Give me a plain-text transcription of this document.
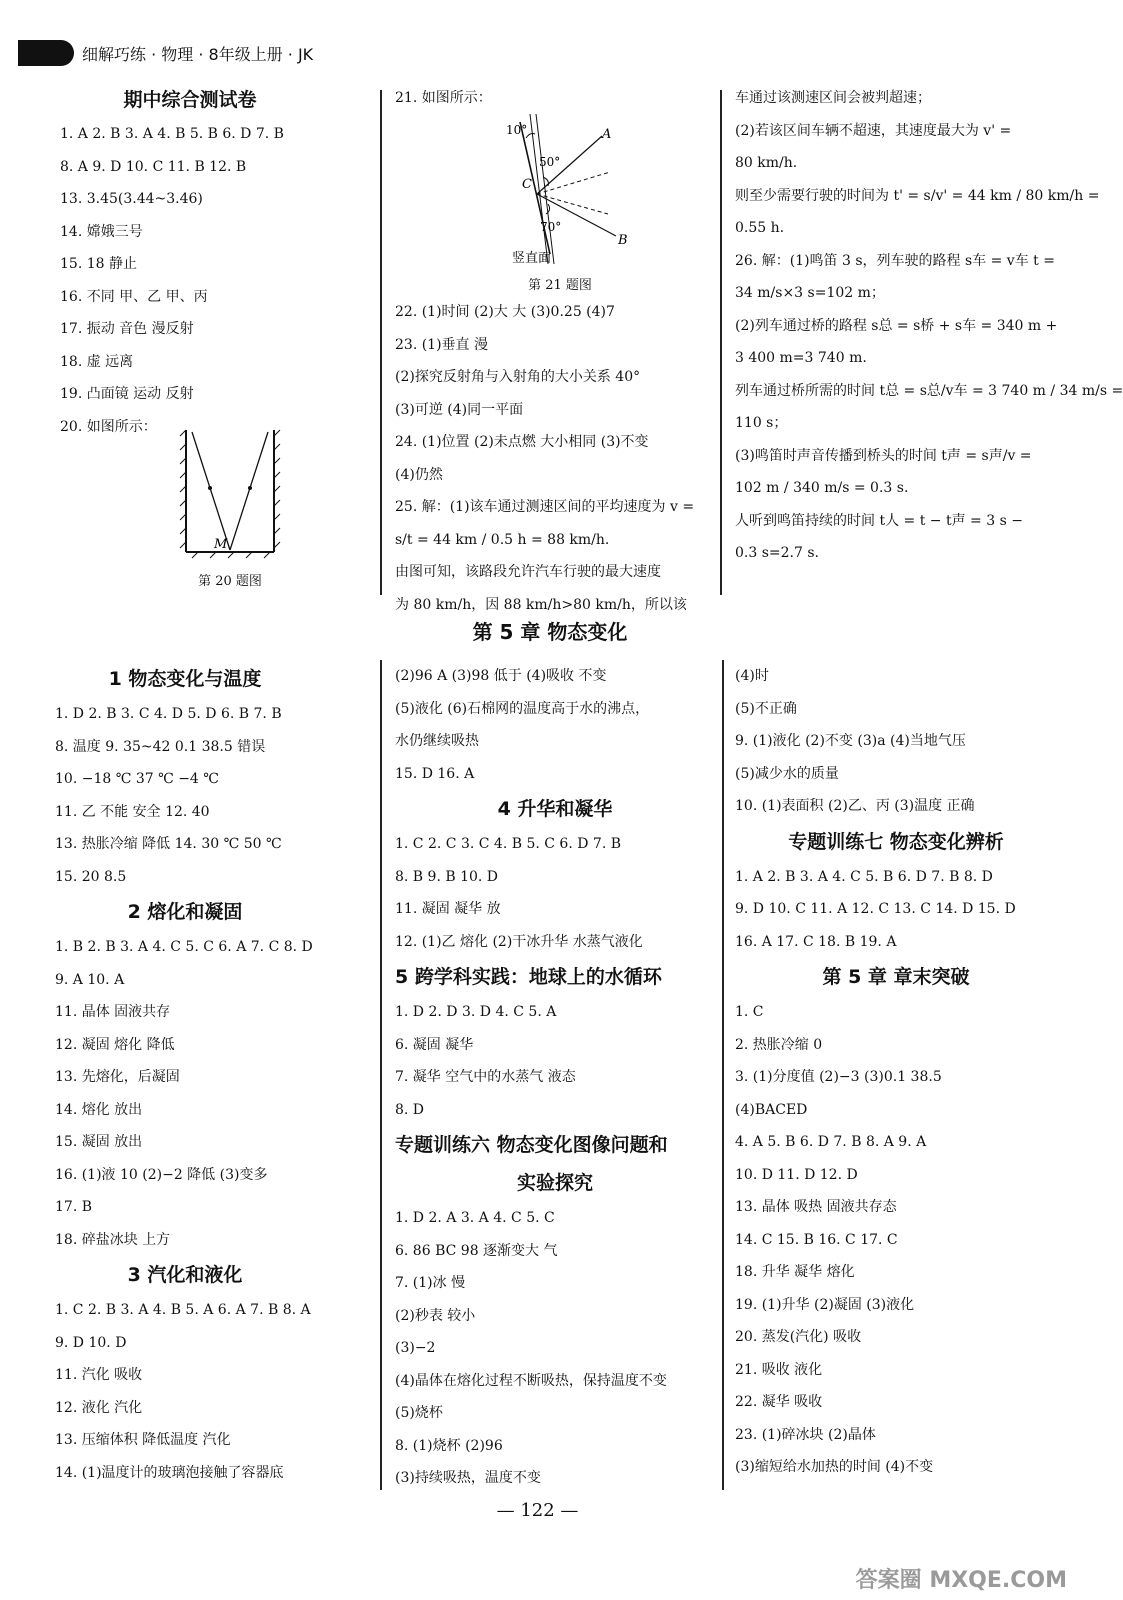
细解巧练 · 物理 · 8年级上册 · JK
期中综合测试卷
1. A 2. B 3. A 4. B 5. B 6. D 7. B
8. A 9. D 10. C 11. B 12. B
13. 3.45(3.44~3.46)
14. 嫦娥三号
15. 18 静止
16. 不同 甲、乙 甲、丙
17. 振动 音色 漫反射
18. 虚 远离
19. 凸面镜 运动 反射
20. 如图所示：
M
第 20 题图
21. 如图所示：
10°	A
50°
C
70°
B
竖直面
第 21 题图
22. (1)时间 (2)大 大 (3)0.25 (4)7
23. (1)垂直 漫
(2)探究反射角与入射角的大小关系 40°
(3)可逆 (4)同一平面
24. (1)位置 (2)未点燃 大小相同 (3)不变
(4)仍然
25. 解：(1)该车通过测速区间的平均速度为 v =
s/t = 44 km / 0.5 h = 88 km/h.
由图可知，该路段允许汽车行驶的最大速度
为 80 km/h，因 88 km/h>80 km/h，所以该
车通过该测速区间会被判超速；
(2)若该区间车辆不超速，其速度最大为 v' =
80 km/h.
则至少需要行驶的时间为 t' = s/v' = 44 km / 80 km/h =
0.55 h.
26. 解：(1)鸣笛 3 s，列车驶的路程 s车 = v车 t =
34 m/s×3 s=102 m；
(2)列车通过桥的路程 s总 = s桥 + s车 = 340 m +
3 400 m=3 740 m.
列车通过桥所需的时间 t总 = s总/v车 = 3 740 m / 34 m/s =
110 s；
(3)鸣笛时声音传播到桥头的时间 t声 = s声/v =
102 m / 340 m/s = 0.3 s.
人听到鸣笛持续的时间 t人 = t − t声 = 3 s −
0.3 s=2.7 s.
第 5 章 物态变化
1 物态变化与温度
1. D 2. B 3. C 4. D 5. D 6. B 7. B
8. 温度 9. 35~42 0.1 38.5 错误
10. −18 ℃ 37 ℃ −4 ℃
11. 乙 不能 安全 12. 40
13. 热胀冷缩 降低 14. 30 ℃ 50 ℃
15. 20 8.5
2 熔化和凝固
1. B 2. B 3. A 4. C 5. C 6. A 7. C 8. D
9. A 10. A
11. 晶体 固液共存
12. 凝固 熔化 降低
13. 先熔化，后凝固
14. 熔化 放出
15. 凝固 放出
16. (1)液 10 (2)−2 降低 (3)变多
17. B
18. 碎盐冰块 上方
3 汽化和液化
1. C 2. B 3. A 4. B 5. A 6. A 7. B 8. A
9. D 10. D
11. 汽化 吸收
12. 液化 汽化
13. 压缩体积 降低温度 汽化
14. (1)温度计的玻璃泡接触了容器底
(2)96 A (3)98 低于 (4)吸收 不变
(5)液化 (6)石棉网的温度高于水的沸点，
水仍继续吸热
15. D 16. A
4 升华和凝华
1. C 2. C 3. C 4. B 5. C 6. D 7. B
8. B 9. B 10. D
11. 凝固 凝华 放
12. (1)乙 熔化 (2)干冰升华 水蒸气液化
5 跨学科实践：地球上的水循环
1. D 2. D 3. D 4. C 5. A
6. 凝固 凝华
7. 凝华 空气中的水蒸气 液态
8. D
专题训练六 物态变化图像问题和
实验探究
1. D 2. A 3. A 4. C 5. C
6. 86 BC 98 逐渐变大 气
7. (1)冰 慢
(2)秒表 较小
(3)−2
(4)晶体在熔化过程不断吸热，保持温度不变
(5)烧杯
8. (1)烧杯 (2)96
(3)持续吸热，温度不变
(4)时
(5)不正确
9. (1)液化 (2)不变 (3)a (4)当地气压
(5)减少水的质量
10. (1)表面积 (2)乙、丙 (3)温度 正确
专题训练七 物态变化辨析
1. A 2. B 3. A 4. C 5. B 6. D 7. B 8. D
9. D 10. C 11. A 12. C 13. C 14. D 15. D
16. A 17. C 18. B 19. A
第 5 章 章末突破
1. C
2. 热胀冷缩 0
3. (1)分度值 (2)−3 (3)0.1 38.5
(4)BACED
4. A 5. B 6. D 7. B 8. A 9. A
10. D 11. D 12. D
13. 晶体 吸热 固液共存态
14. C 15. B 16. C 17. C
18. 升华 凝华 熔化
19. (1)升华 (2)凝固 (3)液化
20. 蒸发(汽化) 吸收
21. 吸收 液化
22. 凝华 吸收
23. (1)碎冰块 (2)晶体
(3)缩短给水加热的时间 (4)不变
— 122 —
答案圈 MXQE.COM
